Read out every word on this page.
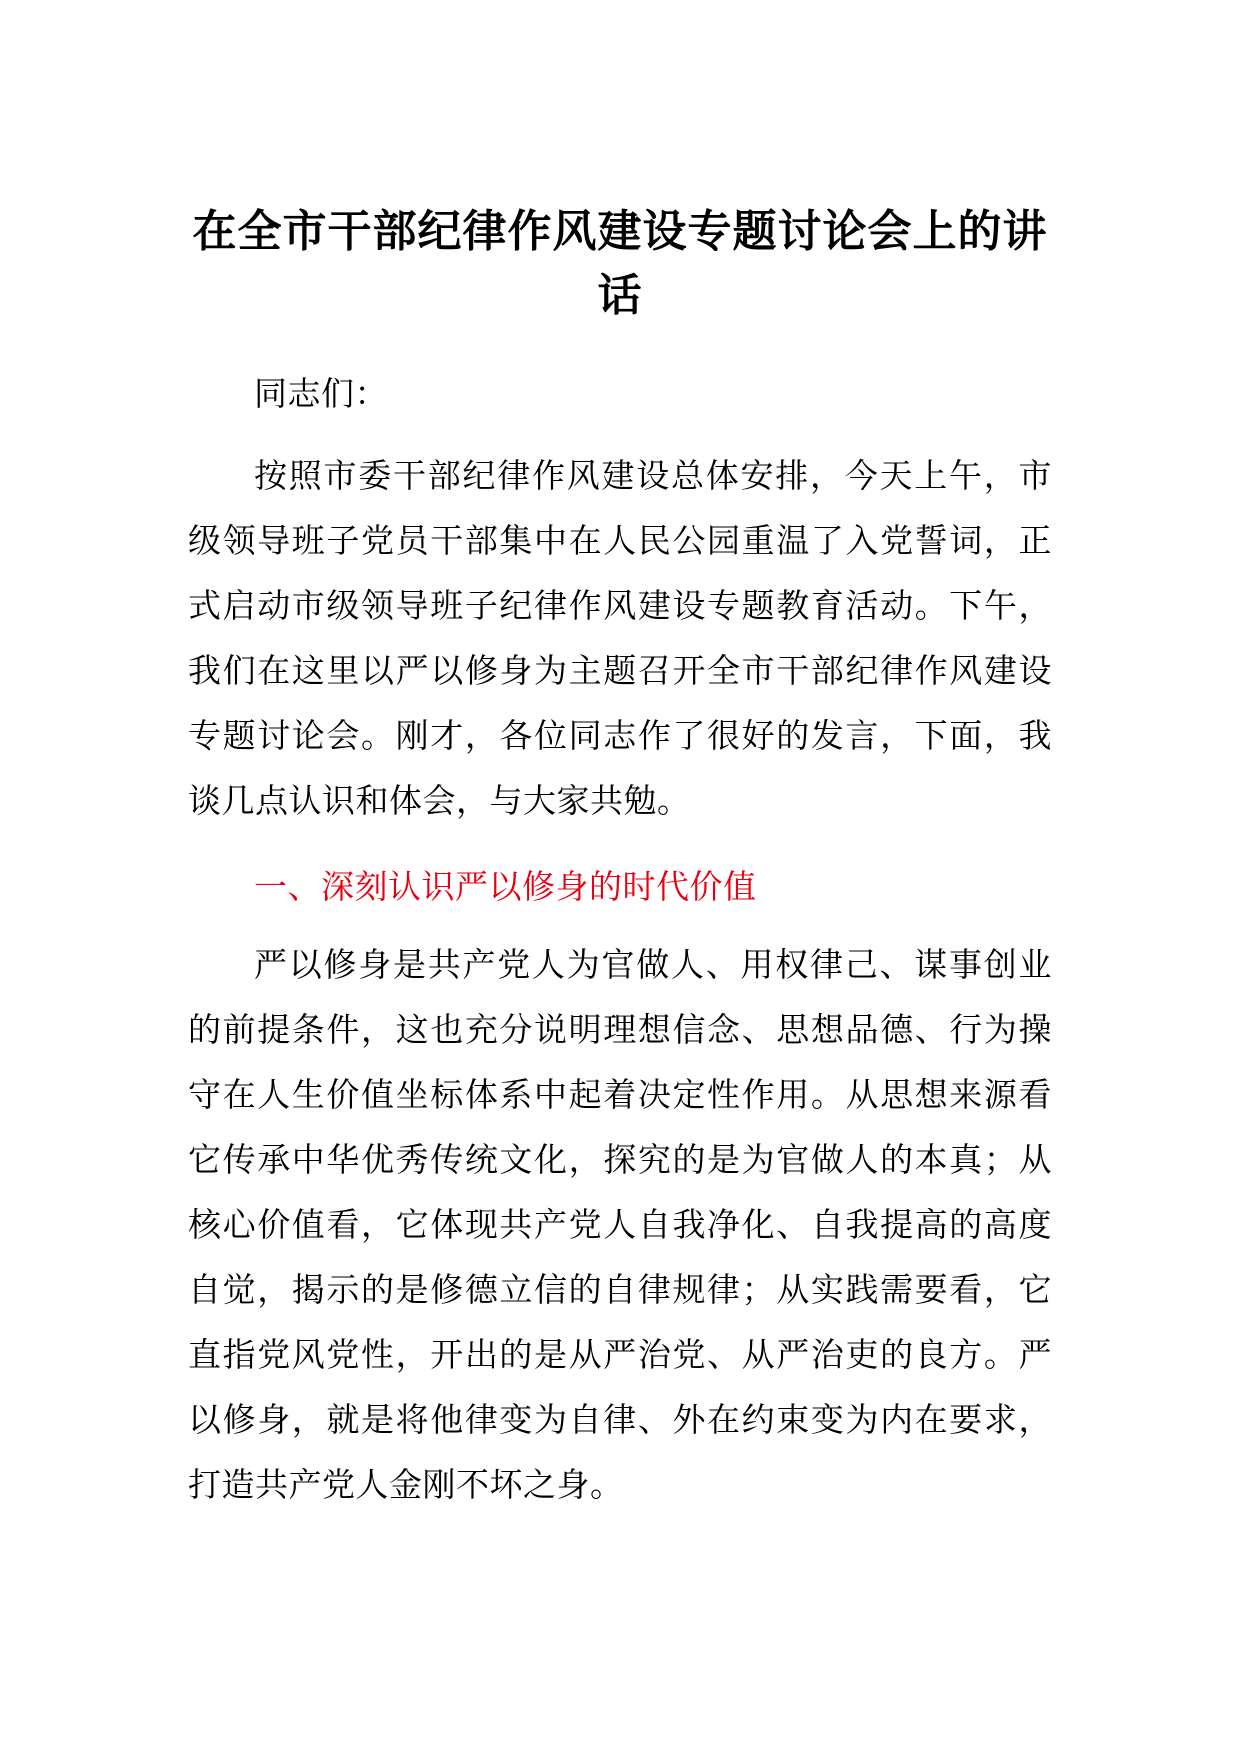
在全市干部纪律作风建设专题讨论会上的讲话
同志们：
按照市委干部纪律作风建设总体安排，今天上午，市级领导班子党员干部集中在人民公园重温了入党誓词，正式启动市级领导班子纪律作风建设专题教育活动。下午，我们在这里以严以修身为主题召开全市干部纪律作风建设专题讨论会。刚才，各位同志作了很好的发言，下面，我谈几点认识和体会，与大家共勉。
一、深刻认识严以修身的时代价值
严以修身是共产党人为官做人、用权律己、谋事创业的前提条件，这也充分说明理想信念、思想品德、行为操守在人生价值坐标体系中起着决定性作用。从思想来源看它传承中华优秀传统文化，探究的是为官做人的本真；从核心价值看，它体现共产党人自我净化、自我提高的高度自觉，揭示的是修德立信的自律规律；从实践需要看，它直指党风党性，开出的是从严治党、从严治吏的良方。严以修身，就是将他律变为自律、外在约束变为内在要求，打造共产党人金刚不坏之身。
